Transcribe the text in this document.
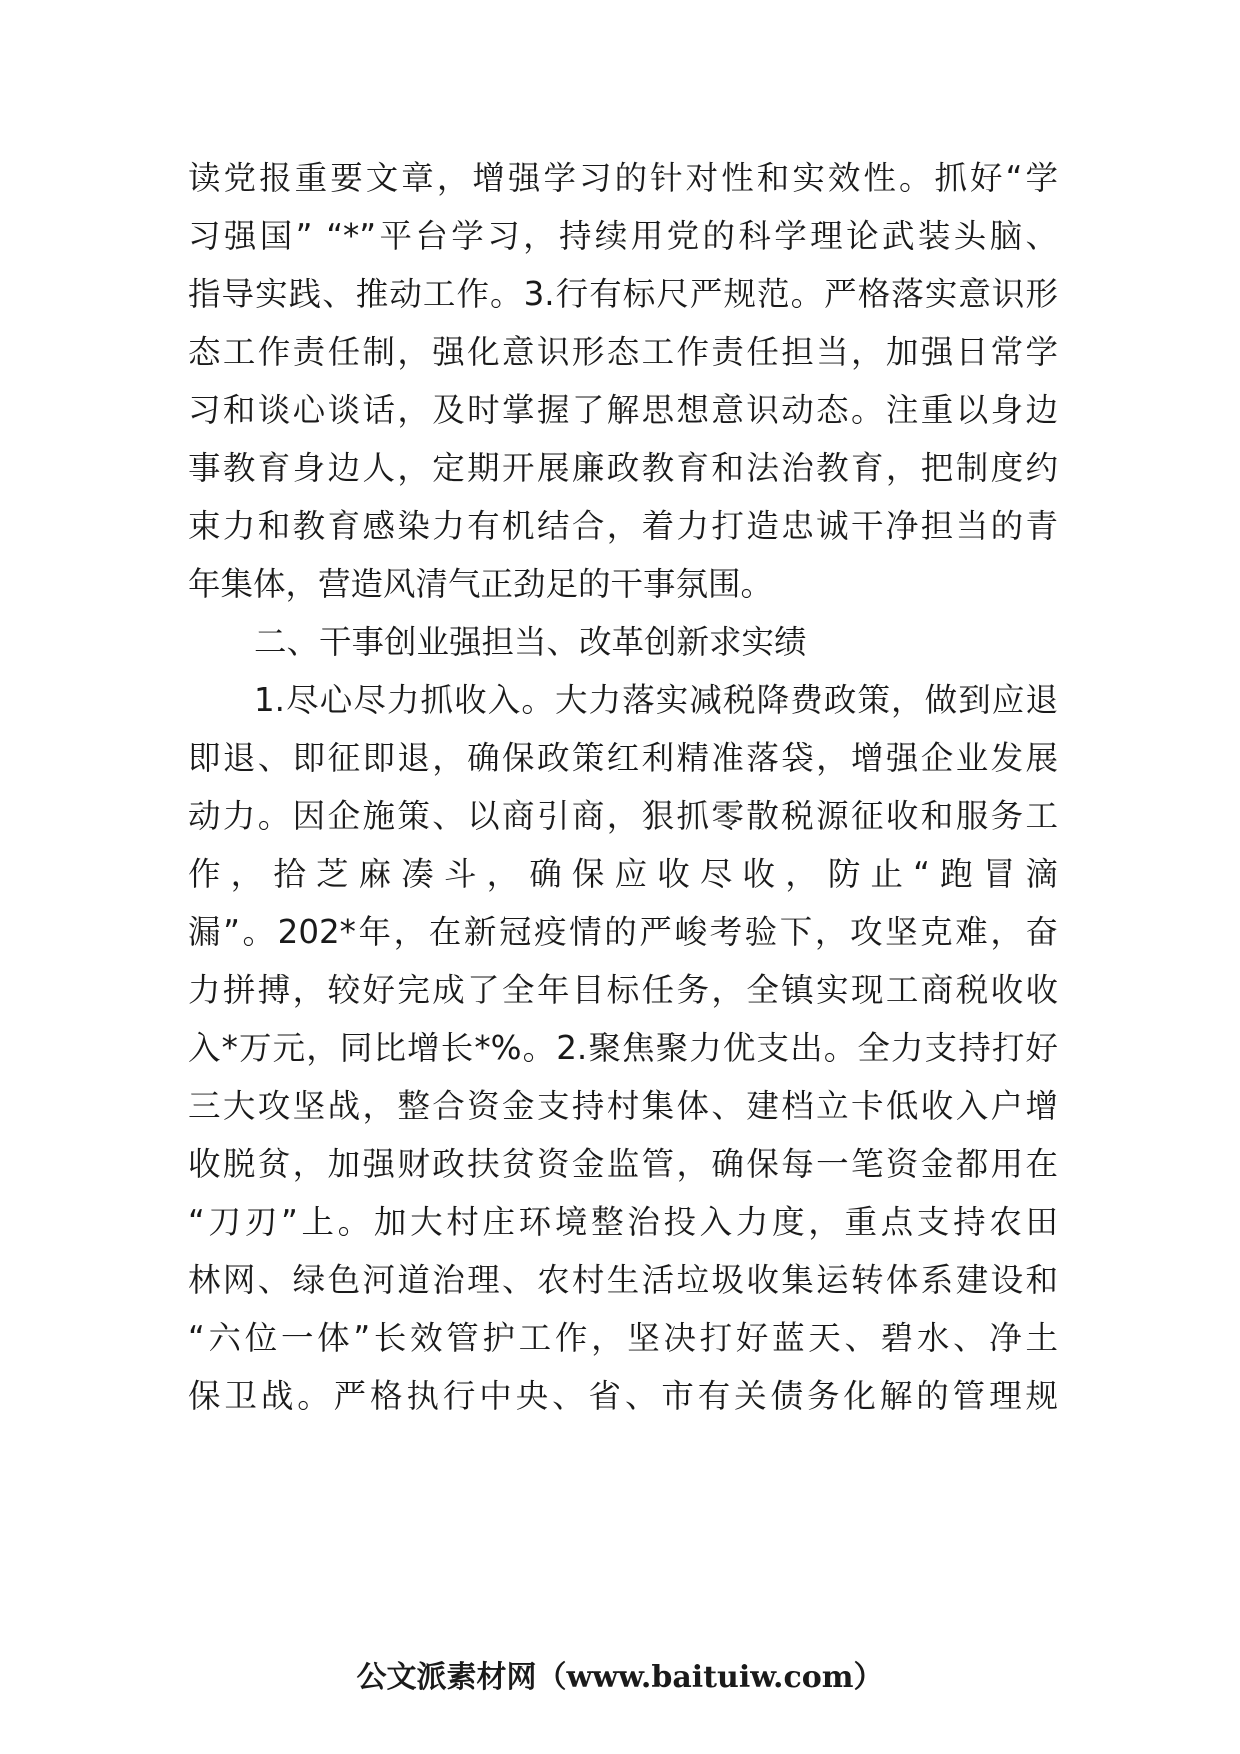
读党报重要文章，增强学习的针对性和实效性。抓好“学
习强国” “*”平台学习，持续用党的科学理论武装头脑、
指导实践、推动工作。3.行有标尺严规范。严格落实意识形
态工作责任制，强化意识形态工作责任担当，加强日常学
习和谈心谈话，及时掌握了解思想意识动态。注重以身边
事教育身边人，定期开展廉政教育和法治教育，把制度约
束力和教育感染力有机结合，着力打造忠诚干净担当的青
年集体，营造风清气正劲足的干事氛围。
二、干事创业强担当、改革创新求实绩
1.尽心尽力抓收入。大力落实减税降费政策，做到应退
即退、即征即退，确保政策红利精准落袋，增强企业发展
动力。因企施策、以商引商，狠抓零散税源征收和服务工
作，拾芝麻凑斗，确保应收尽收，防止“跑冒滴
漏”。202*年，在新冠疫情的严峻考验下，攻坚克难，奋
力拼搏，较好完成了全年目标任务，全镇实现工商税收收
入*万元，同比增长*%。2.聚焦聚力优支出。全力支持打好
三大攻坚战，整合资金支持村集体、建档立卡低收入户增
收脱贫，加强财政扶贫资金监管，确保每一笔资金都用在
“刀刃”上。加大村庄环境整治投入力度，重点支持农田
林网、绿色河道治理、农村生活垃圾收集运转体系建设和
“六位一体”长效管护工作，坚决打好蓝天、碧水、净土
保卫战。严格执行中央、省、市有关债务化解的管理规
公文派素材网（www.baituiw.com）
